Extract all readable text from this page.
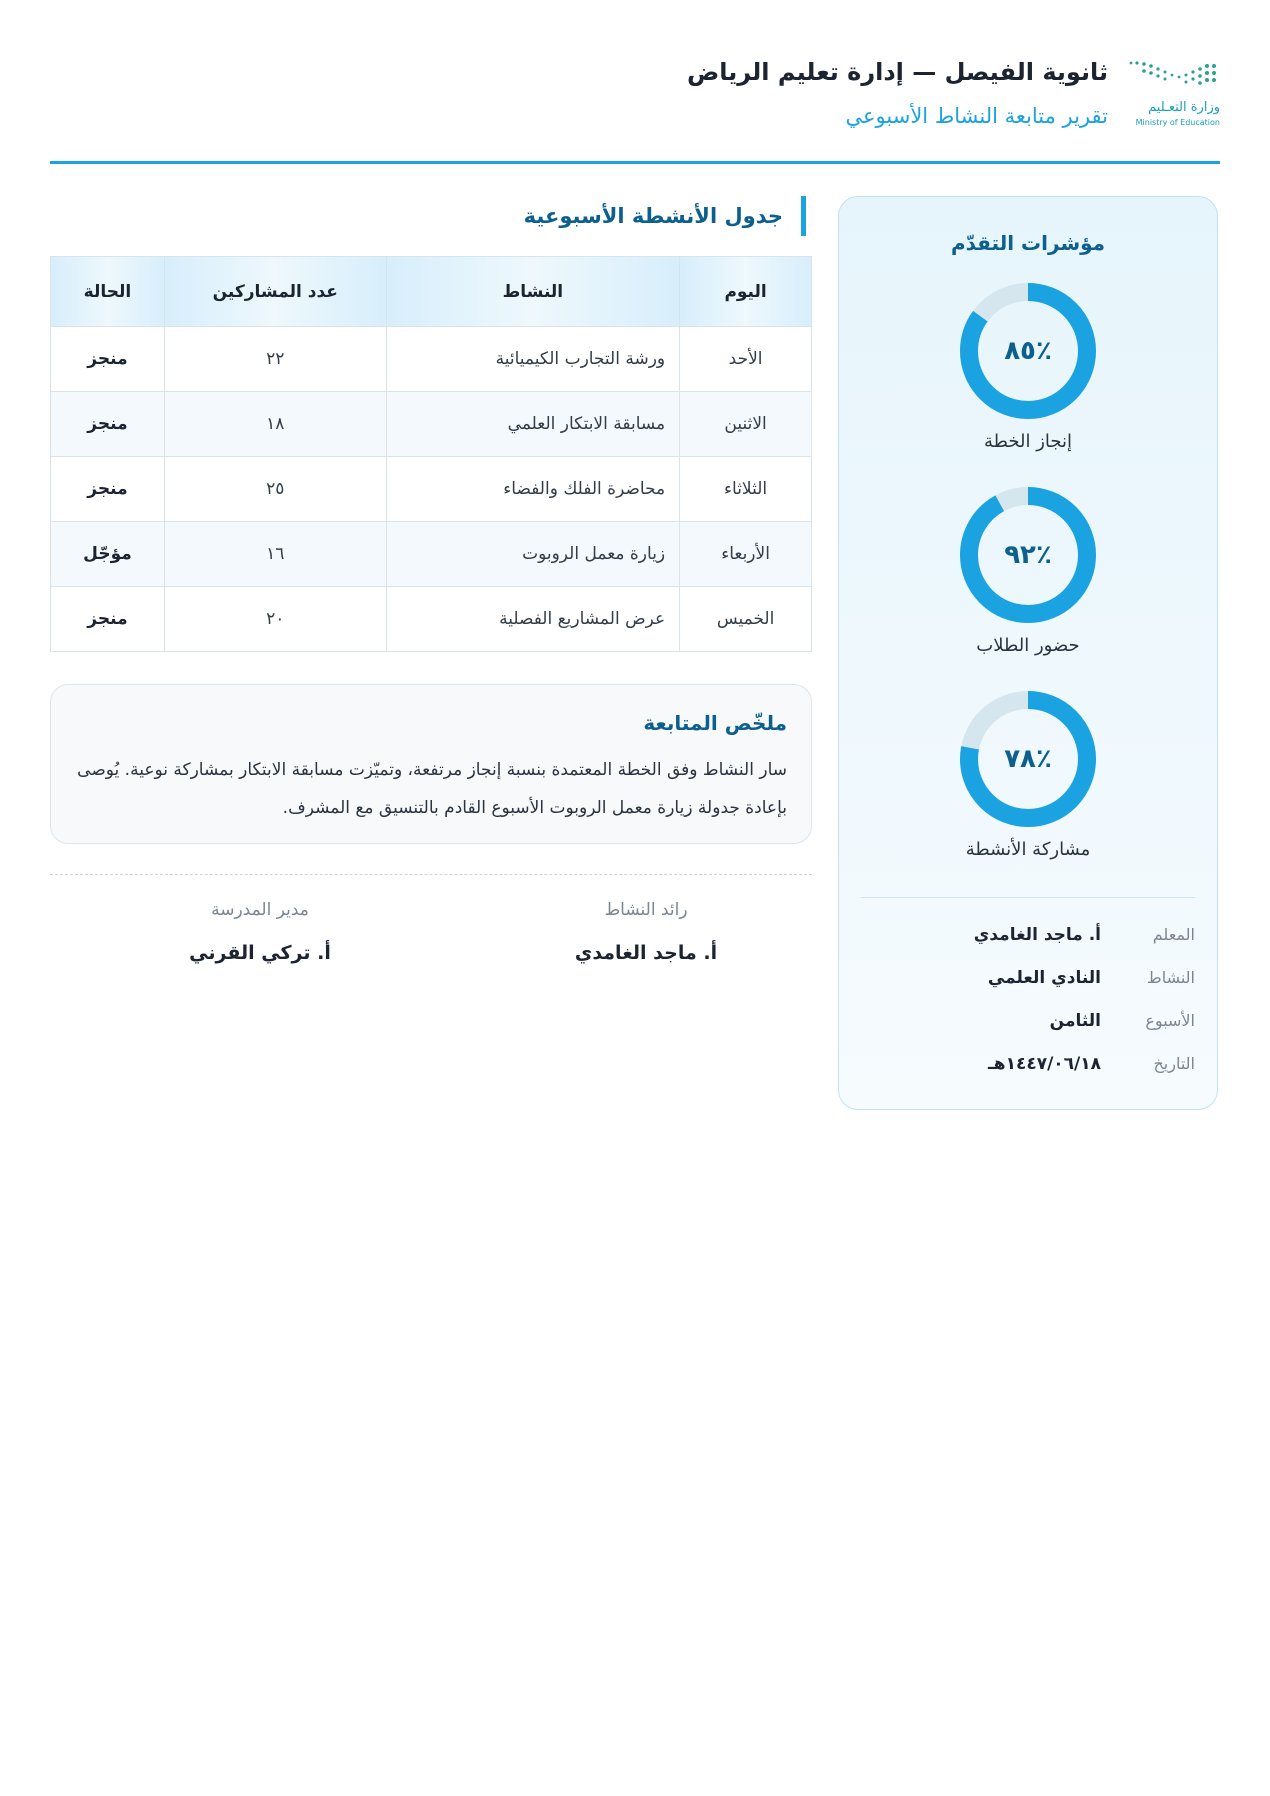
وزارة التعـليم
Ministry of Education
ثانوية الفيصل — إدارة تعليم الرياض
تقرير متابعة النشاط الأسبوعي
مؤشرات التقدّم
٪٨٥
إنجاز الخطة
٪٩٢
حضور الطلاب
٪٧٨
مشاركة الأنشطة
المعلم
أ. ماجد الغامدي
النشاط
النادي العلمي
الأسبوع
الثامن
التاريخ
١٤٤٧/٠٦/١٨هـ
جدول الأنشطة الأسبوعية
اليوم	النشاط	عدد المشاركين	الحالة
الأحد	ورشة التجارب الكيميائية	٢٢	منجز
الاثنين	مسابقة الابتكار العلمي	١٨	منجز
الثلاثاء	محاضرة الفلك والفضاء	٢٥	منجز
الأربعاء	زيارة معمل الروبوت	١٦	مؤجّل
الخميس	عرض المشاريع الفصلية	٢٠	منجز
ملخّص المتابعة
سار النشاط وفق الخطة المعتمدة بنسبة إنجاز مرتفعة، وتميّزت مسابقة الابتكار بمشاركة نوعية. يُوصى بإعادة جدولة زيارة معمل الروبوت الأسبوع القادم بالتنسيق مع المشرف.
رائد النشاط
أ. ماجد الغامدي
مدير المدرسة
أ. تركي القرني
